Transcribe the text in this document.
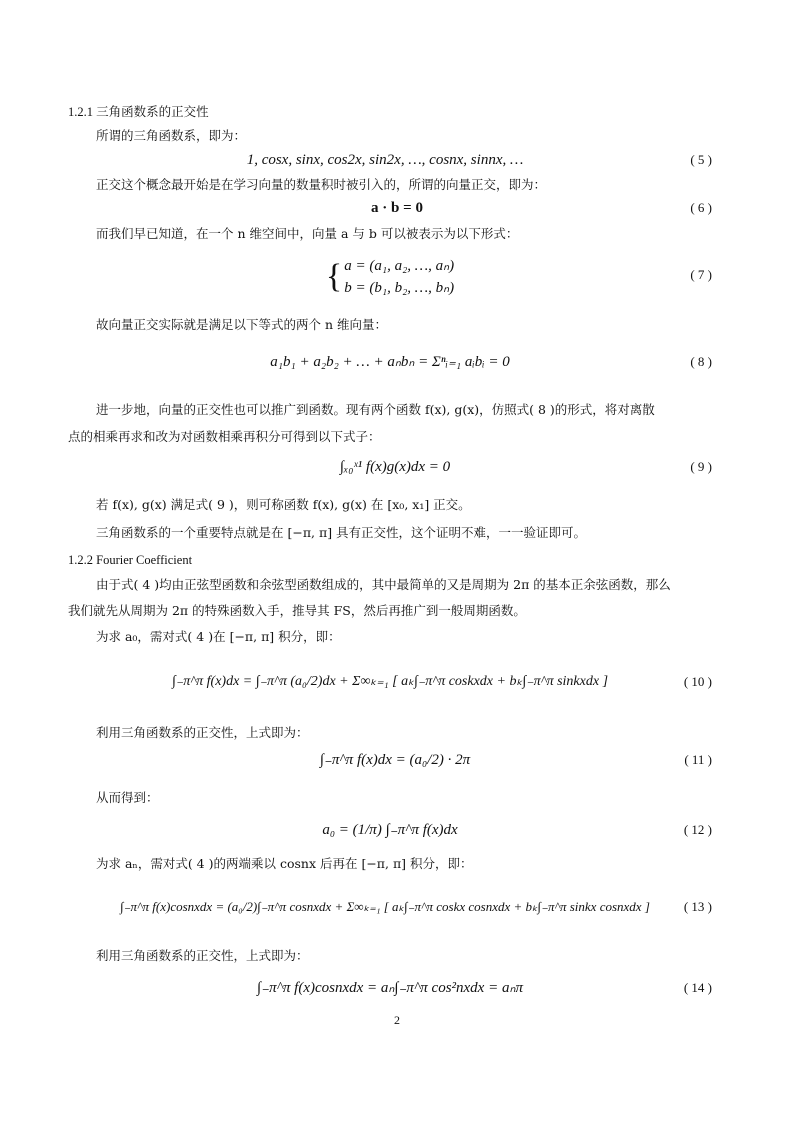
1.2.1 三角函数系的正交性
所谓的三角函数系，即为：
1, cosx, sinx, cos2x, sin2x, …, cosnx, sinnx, …	( 5 )
正交这个概念最开始是在学习向量的数量积时被引入的，所谓的向量正交，即为：
a · b = 0	( 6 )
而我们早已知道，在一个 n 维空间中，向量 a 与 b 可以被表示为以下形式：
{ a = (a₁, a₂, …, aₙ)
b = (b₁, b₂, …, bₙ)
( 7 )
故向量正交实际就是满足以下等式的两个 n 维向量：
a₁b₁ + a₂b₂ + … + aₙbₙ = Σⁿᵢ₌₁ aᵢbᵢ = 0	( 8 )
进一步地，向量的正交性也可以推广到函数。现有两个函数 f(x), g(x)，仿照式( 8 )的形式，将对离散
点的相乘再求和改为对函数相乘再积分可得到以下式子：
∫ₓ₀ˣ¹ f(x)g(x)dx = 0	( 9 )
若 f(x), g(x) 满足式( 9 )，则可称函数 f(x), g(x) 在 [x₀, x₁] 正交。
三角函数系的一个重要特点就是在 [−π, π] 具有正交性，这个证明不难，一一验证即可。
1.2.2 Fourier Coefficient
由于式( 4 )均由正弦型函数和余弦型函数组成的，其中最简单的又是周期为 2π 的基本正余弦函数，那么
我们就先从周期为 2π 的特殊函数入手，推导其 FS，然后再推广到一般周期函数。
为求 a₀，需对式( 4 )在 [−π, π] 积分，即：
∫₋π^π f(x)dx = ∫₋π^π (a₀/2)dx + Σ∞ₖ₌₁ [ aₖ∫₋π^π coskxdx + bₖ∫₋π^π sinkxdx ]	( 10 )
利用三角函数系的正交性，上式即为：
∫₋π^π f(x)dx = (a₀/2) · 2π	( 11 )
从而得到：
a₀ = (1/π) ∫₋π^π f(x)dx	( 12 )
为求 aₙ，需对式( 4 )的两端乘以 cosnx 后再在 [−π, π] 积分，即：
∫₋π^π f(x)cosnxdx = (a₀/2)∫₋π^π cosnxdx + Σ∞ₖ₌₁ [ aₖ∫₋π^π coskx cosnxdx + bₖ∫₋π^π sinkx cosnxdx ]	( 13 )
利用三角函数系的正交性，上式即为：
∫₋π^π f(x)cosnxdx = aₙ∫₋π^π cos²nxdx = aₙπ	( 14 )
2
